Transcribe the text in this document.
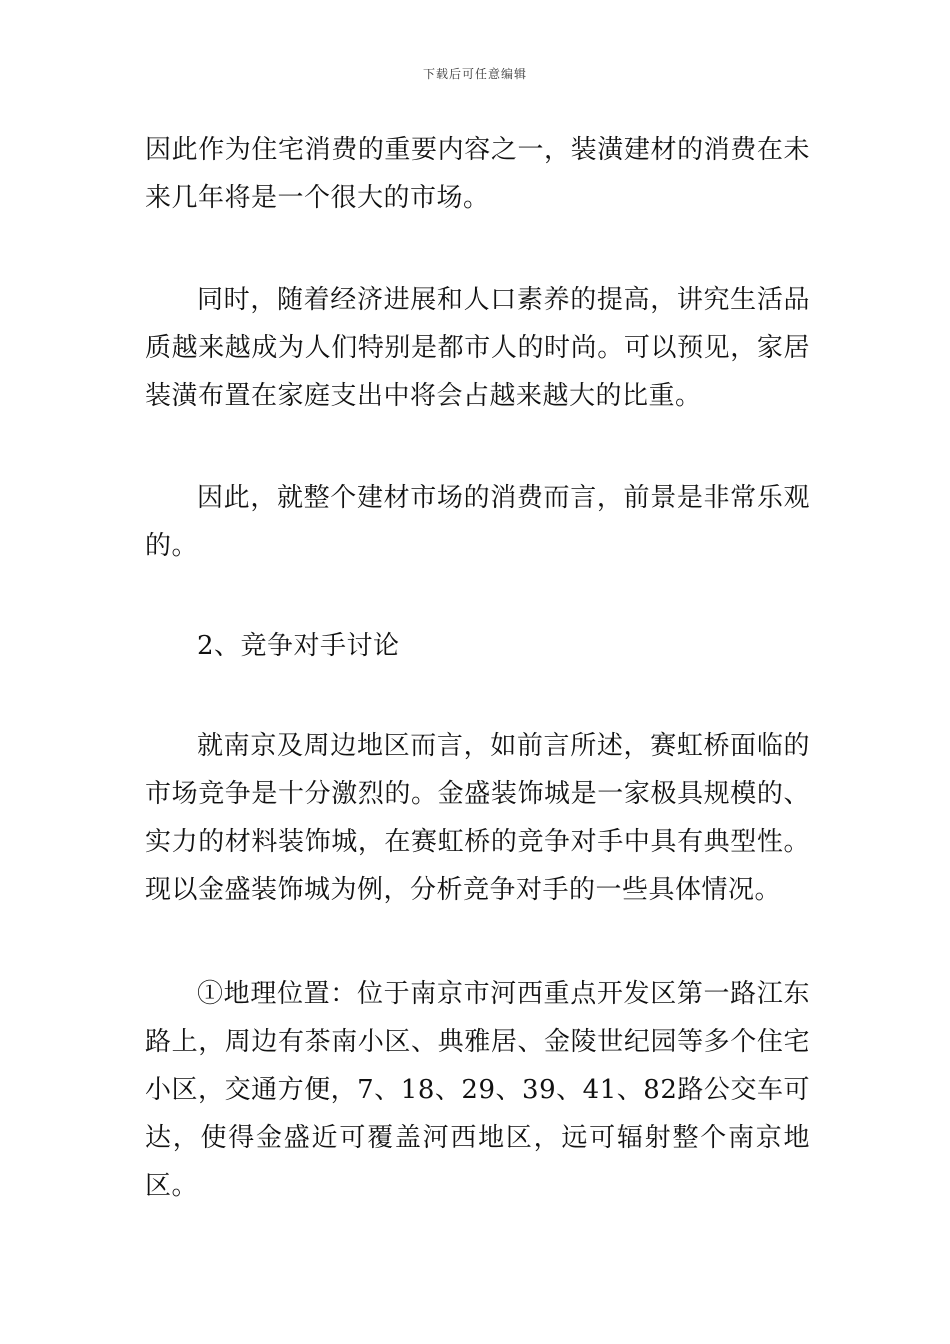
下载后可任意编辑

因此作为住宅消费的重要内容之一，装潢建材的消费在未来几年将是一个很大的市场。

同时，随着经济进展和人口素养的提高，讲究生活品质越来越成为人们特别是都市人的时尚。可以预见，家居装潢布置在家庭支出中将会占越来越大的比重。

因此，就整个建材市场的消费而言，前景是非常乐观的。

2、竞争对手讨论

就南京及周边地区而言，如前言所述，赛虹桥面临的市场竞争是十分激烈的。金盛装饰城是一家极具规模的、实力的材料装饰城，在赛虹桥的竞争对手中具有典型性。现以金盛装饰城为例，分析竞争对手的一些具体情况。

①地理位置：位于南京市河西重点开发区第一路江东路上，周边有茶南小区、典雅居、金陵世纪园等多个住宅小区，交通方便，7、18、29、39、41、82路公交车可达，使得金盛近可覆盖河西地区，远可辐射整个南京地区。
